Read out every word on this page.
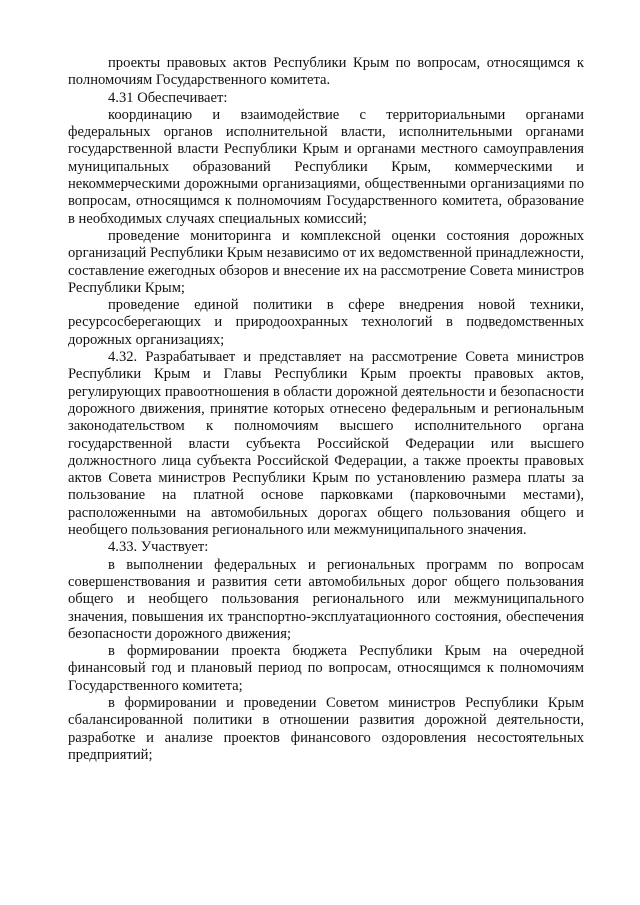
проекты правовых актов Республики Крым по вопросам, относящимся к полномочиям Государственного комитета.

4.31 Обеспечивает:

координацию и взаимодействие с территориальными органами федеральных органов исполнительной власти, исполнительными органами государственной власти Республики Крым и органами местного самоуправления муниципальных образований Республики Крым, коммерческими и некоммерческими дорожными организациями, общественными организациями по вопросам, относящимся к полномочиям Государственного комитета, образование в необходимых случаях специальных комиссий;

проведение мониторинга и комплексной оценки состояния дорожных организаций Республики Крым независимо от их ведомственной принадлежности, составление ежегодных обзоров и внесение их на рассмотрение Совета министров Республики Крым;

проведение единой политики в сфере внедрения новой техники, ресурсосберегающих и природоохранных технологий в подведомственных дорожных организациях;

4.32. Разрабатывает и представляет на рассмотрение Совета министров Республики Крым и Главы Республики Крым проекты правовых актов, регулирующих правоотношения в области дорожной деятельности и безопасности дорожного движения, принятие которых отнесено федеральным и региональным законодательством к полномочиям высшего исполнительного органа государственной власти субъекта Российской Федерации или высшего должностного лица субъекта Российской Федерации, а также проекты правовых актов Совета министров Республики Крым по установлению размера платы за пользование на платной основе парковками (парковочными местами), расположенными на автомобильных дорогах общего пользования общего и необщего пользования регионального или межмуниципального значения.

4.33. Участвует:

в выполнении федеральных и региональных программ по вопросам совершенствования и развития сети автомобильных дорог общего пользования общего и необщего пользования регионального или межмуниципального значения, повышения их транспортно-эксплуатационного состояния, обеспечения безопасности дорожного движения;

в формировании проекта бюджета Республики Крым на очередной финансовый год и плановый период по вопросам, относящимся к полномочиям Государственного комитета;

в формировании и проведении Советом министров Республики Крым сбалансированной политики в отношении развития дорожной деятельности, разработке и анализе проектов финансового оздоровления несостоятельных предприятий;
